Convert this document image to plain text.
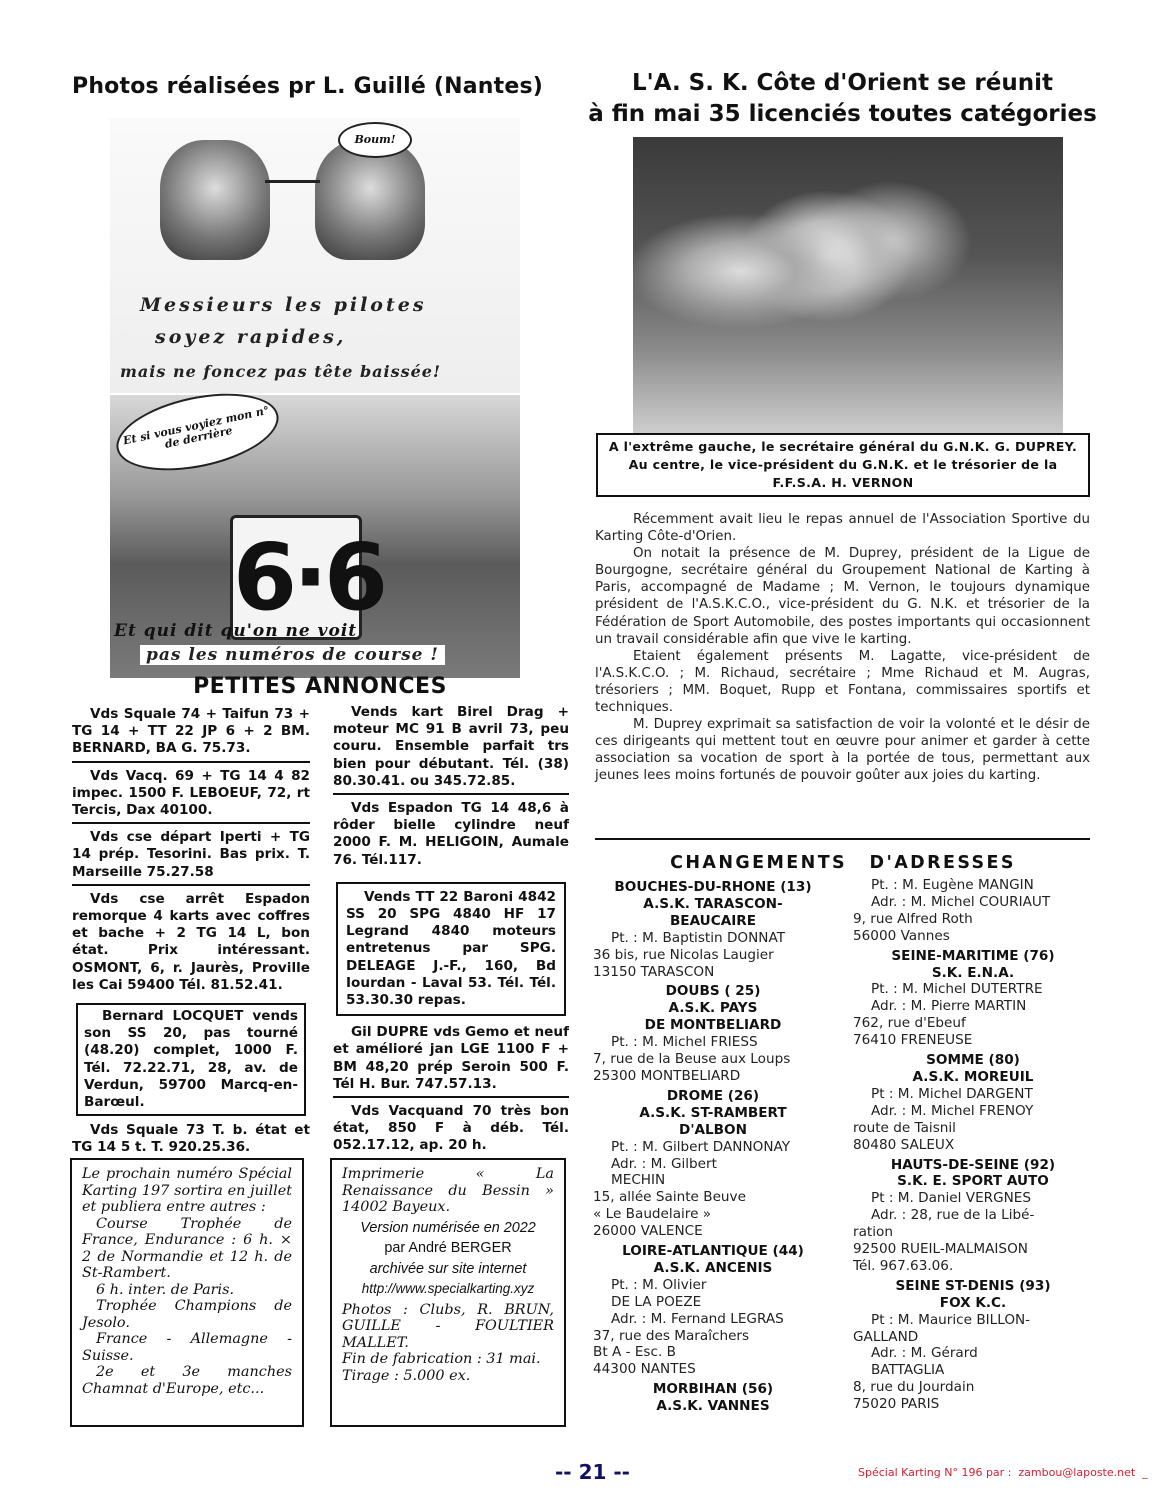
Photos réalisées pr L. Guillé (Nantes)	L'A. S. K. Côte d'Orient se réunit
à fin mai 35 licenciés toutes catégories
Boum!
Messieurs les pilotes
soyez rapides,
mais ne foncez pas tête baissée!
Et si vous voyiez mon n° de derrière
6·6
Et qui dit qu'on ne voit
pas les numéros de course !
PETITES ANNONCES

Vds Squale 74 + Taifun 73 + TG 14 + TT 22 JP 6 + 2 BM. BERNARD, BA G. 75.73.

Vds Vacq. 69 + TG 14 4 82 impec. 1500 F. LEBOEUF, 72, rt Tercis, Dax 40100.

Vds cse départ Iperti + TG 14 prép. Tesorini. Bas prix. T. Marseille 75.27.58

Vds cse arrêt Espadon remorque 4 karts avec coffres et bache + 2 TG 14 L, bon état. Prix intéressant. OSMONT, 6, r. Jaurès, Proville les Cai 59400 Tél. 81.52.41.

Bernard LOCQUET vends son SS 20, pas tourné (48.20) complet, 1000 F. Tél. 72.22.71, 28, av. de Verdun, 59700 Marcq-en-Barœul.

Vds Squale 73 T. b. état et TG 14 5 t. T. 920.25.36.

Vends kart Birel Drag + moteur MC 91 B avril 73, peu couru. Ensemble parfait trs bien pour débutant. Tél. (38) 80.30.41. ou 345.72.85.

Vds Espadon TG 14 48,6 à rôder bielle cylindre neuf 2000 F. M. HELIGOIN, Aumale 76. Tél.117.

Vends TT 22 Baroni 4842 SS 20 SPG 4840 HF 17 Legrand 4840 moteurs entretenus par SPG. DELEAGE J.-F., 160, Bd Iourdan - Laval 53. Tél. Tél. 53.30.30 repas.

Gil DUPRE vds Gemo et neuf et amélioré jan LGE 1100 F + BM 48,20 prép Seroin 500 F. Tél H. Bur. 747.57.13.

Vds Vacquand 70 très bon état, 850 F à déb. Tél. 052.17.12, ap. 20 h.

Le prochain numéro Spécial Karting 197 sortira en juillet et publiera entre autres :
Course Trophée de France, Endurance : 6 h. × 2 de Normandie et 12 h. de St-Rambert.
6 h. inter. de Paris.
Trophée Champions de Jesolo.
France - Allemagne - Suisse.
2e et 3e manches Chamnat d'Europe, etc...
Imprimerie « La Renaissance du Bessin » 14002 Bayeux.
Version numérisée en 2022
par André BERGER
archivée sur site internet
http://www.specialkarting.xyz
Photos : Clubs, R. BRUN, GUILLE - FOULTIER MALLET.
Fin de fabrication : 31 mai.
Tirage : 5.000 ex.
A l'extrême gauche, le secrétaire général du G.N.K. G. DUPREY. Au centre, le vice-président du G.N.K. et le trésorier de la F.F.S.A. H. VERNON

Récemment avait lieu le repas annuel de l'Association Sportive du Karting Côte-d'Orien.

On notait la présence de M. Duprey, président de la Ligue de Bourgogne, secrétaire général du Groupement National de Karting à Paris, accompagné de Madame ; M. Vernon, le toujours dynamique président de l'A.S.K.C.O., vice-président du G. N.K. et trésorier de la Fédération de Sport Automobile, des postes importants qui occasionnent un travail considérable afin que vive le karting.

Etaient également présents M. Lagatte, vice-président de l'A.S.K.C.O. ; M. Richaud, secrétaire ; Mme Richaud et M. Augras, trésoriers ; MM. Boquet, Rupp et Fontana, commissaires sportifs et techniques.

M. Duprey exprimait sa satisfaction de voir la volonté et le désir de ces dirigeants qui mettent tout en œuvre pour animer et garder à cette association sa vocation de sport à la portée de tous, permettant aux jeunes lees moins fortunés de pouvoir goûter aux joies du karting.

CHANGEMENTS D'ADRESSES
BOUCHES-DU-RHONE (13)
A.S.K. TARASCON-
BEAUCAIRE
Pt. : M. Baptistin DONNAT
36 bis, rue Nicolas Laugier
13150 TARASCON
DOUBS ( 25)
A.S.K. PAYS
DE MONTBELIARD
Pt. : M. Michel FRIESS
7, rue de la Beuse aux Loups
25300 MONTBELIARD
DROME (26)
A.S.K. ST-RAMBERT
D'ALBON
Pt. : M. Gilbert DANNONAY
Adr. : M. Gilbert
MECHIN
15, allée Sainte Beuve
« Le Baudelaire »
26000 VALENCE
LOIRE-ATLANTIQUE (44)
A.S.K. ANCENIS
Pt. : M. Olivier
DE LA POEZE
Adr. : M. Fernand LEGRAS
37, rue des Maraîchers
Bt A - Esc. B
44300 NANTES
MORBIHAN (56)
A.S.K. VANNES
Pt. : M. Eugène MANGIN
Adr. : M. Michel COURIAUT
9, rue Alfred Roth
56000 Vannes
SEINE-MARITIME (76)
S.K. E.N.A.
Pt. : M. Michel DUTERTRE
Adr. : M. Pierre MARTIN
762, rue d'Ebeuf
76410 FRENEUSE
SOMME (80)
A.S.K. MOREUIL
Pt : M. Michel DARGENT
Adr. : M. Michel FRENOY
route de Taisnil
80480 SALEUX
HAUTS-DE-SEINE (92)
S.K. E. SPORT AUTO
Pt : M. Daniel VERGNES
Adr. : 28, rue de la Libé-
ration
92500 RUEIL-MALMAISON
Tél. 967.63.06.
SEINE ST-DENIS (93)
FOX K.C.
Pt : M. Maurice BILLON-
GALLAND
Adr. : M. Gérard
BATTAGLIA
8, rue du Jourdain
75020 PARIS
-- 21 --	Spécial Karting N° 196 par :  zambou@laposte.net  _
